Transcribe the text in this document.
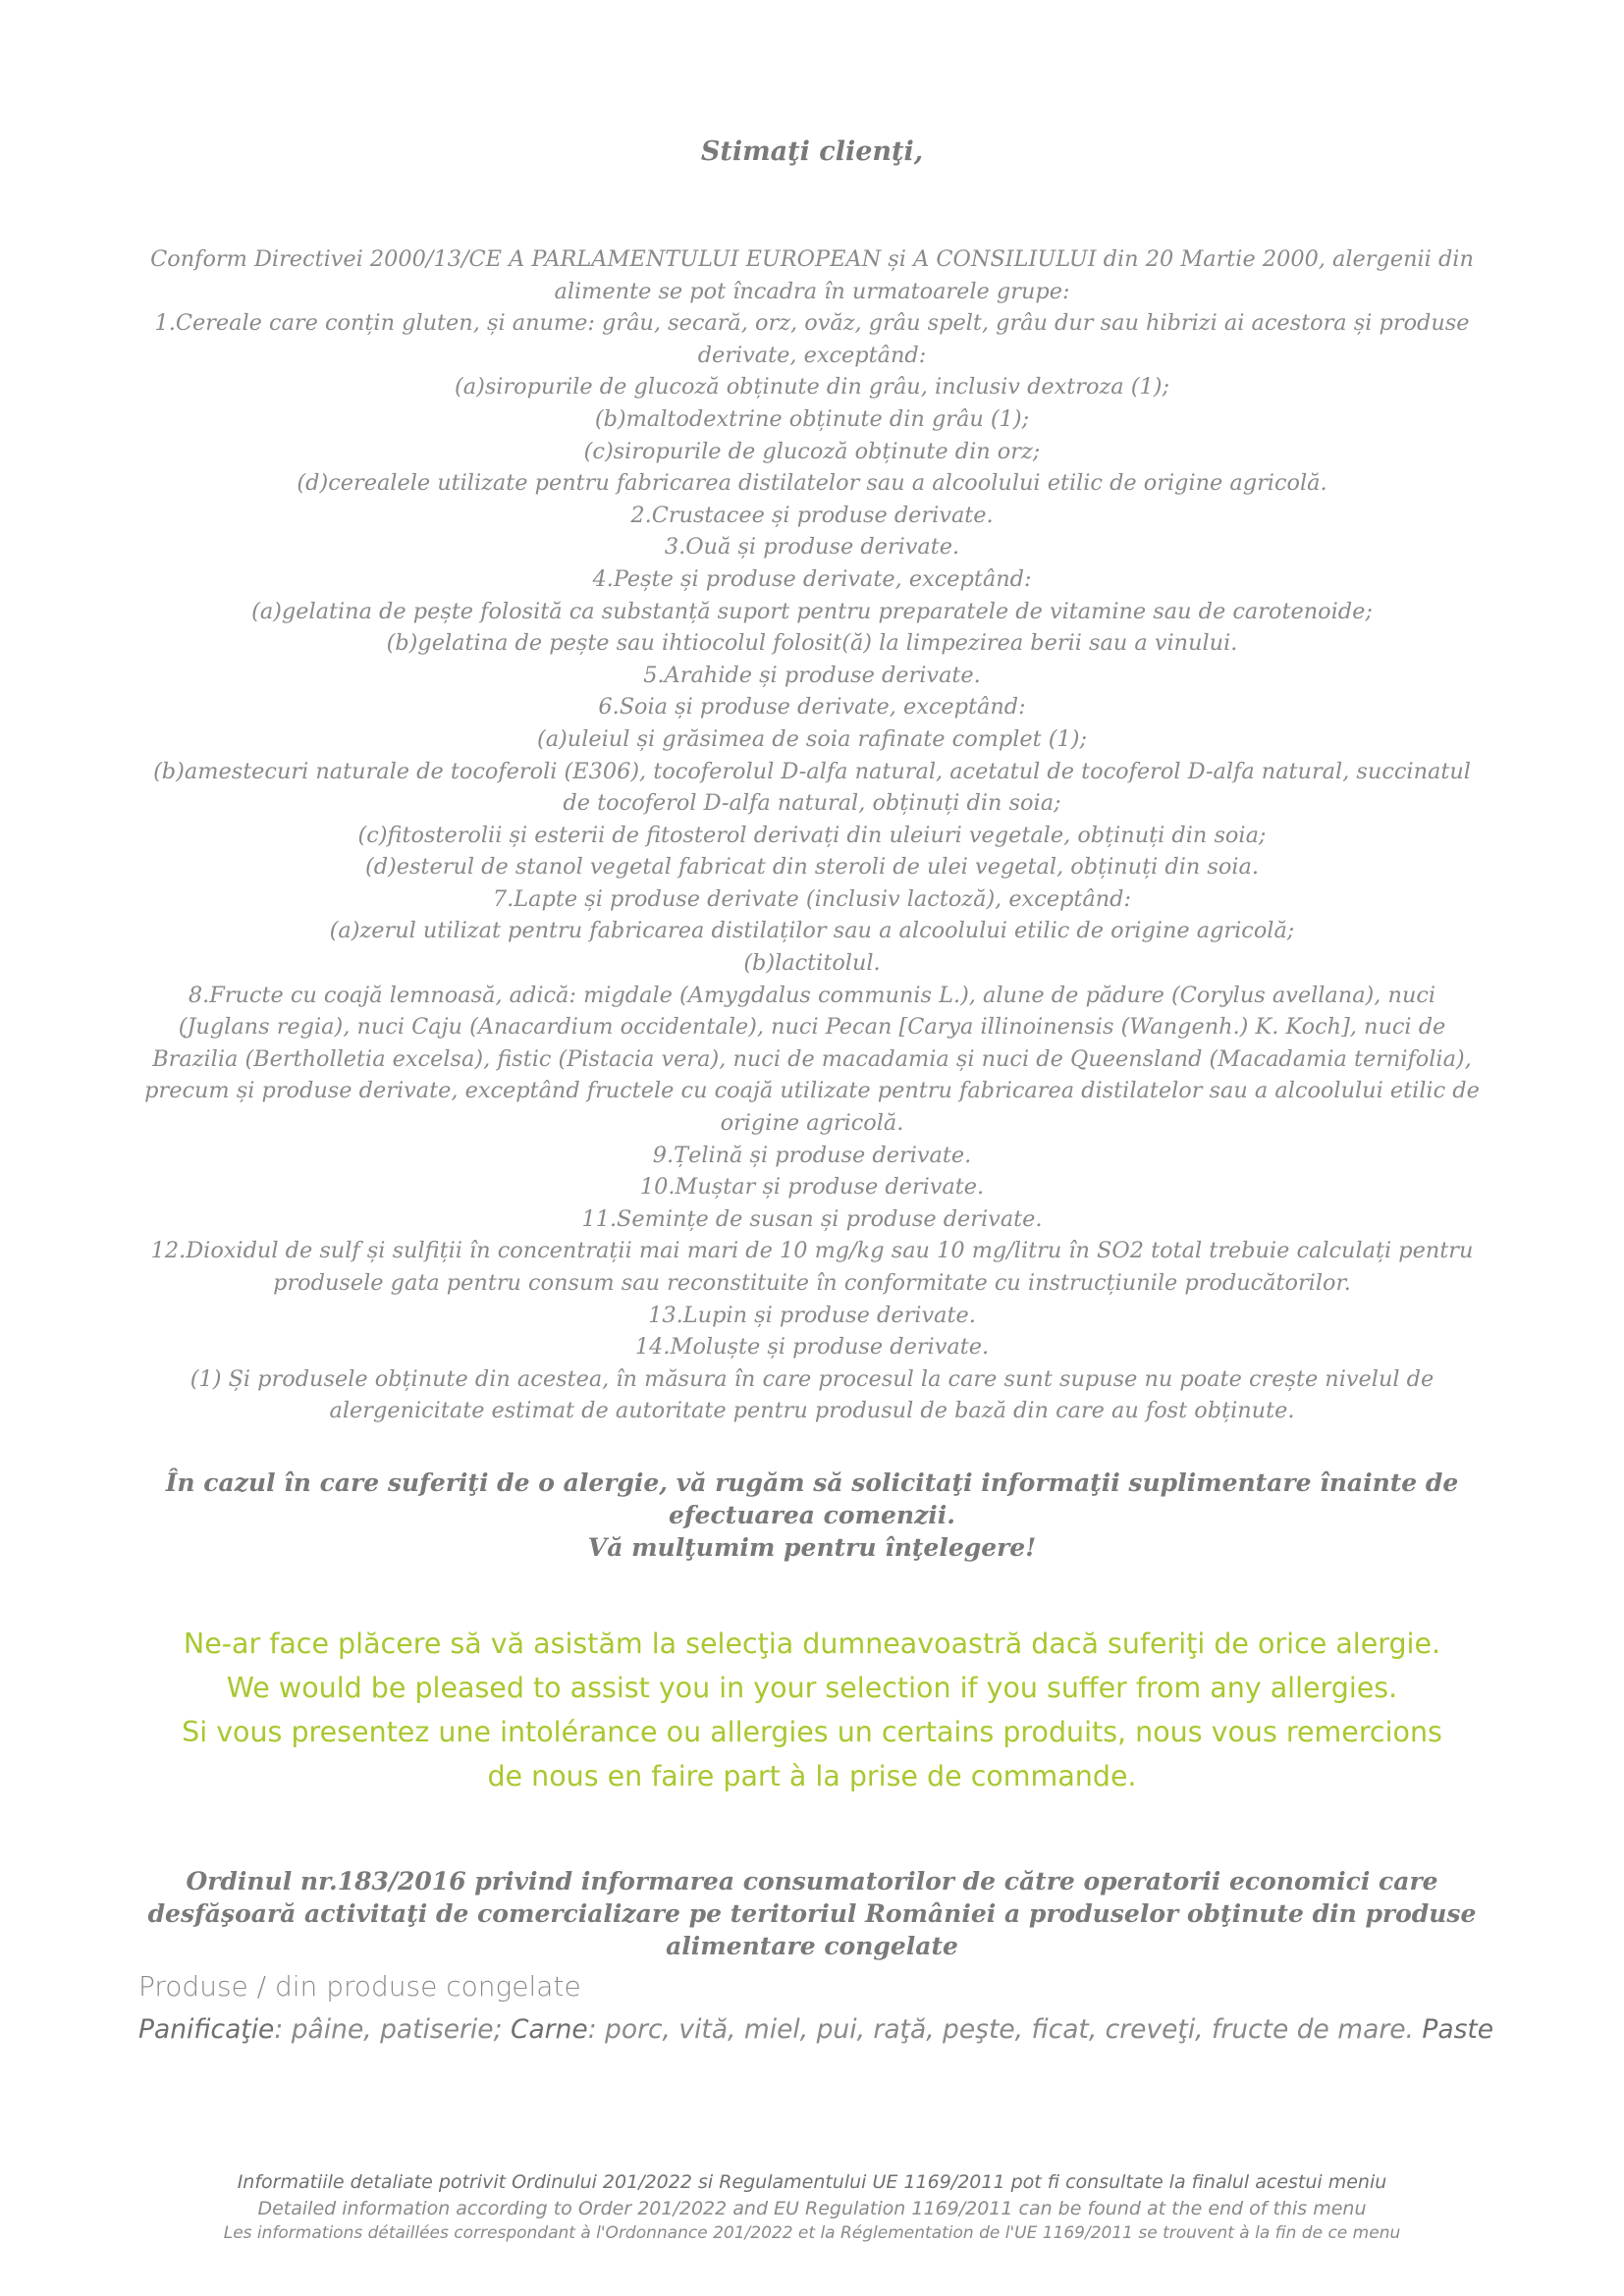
Stimaţi clienţi,
Conform Directivei 2000/13/CE A PARLAMENTULUI EUROPEAN și A CONSILIULUI din 20 Martie 2000, alergenii din
alimente se pot încadra în urmatoarele grupe:
1.Cereale care conțin gluten, și anume: grâu, secară, orz, ovăz, grâu spelt, grâu dur sau hibrizi ai acestora și produse
derivate, exceptând:
(a)siropurile de glucoză obținute din grâu, inclusiv dextroza (1);
(b)maltodextrine obținute din grâu (1);
(c)siropurile de glucoză obținute din orz;
(d)cerealele utilizate pentru fabricarea distilatelor sau a alcoolului etilic de origine agricolă.
2.Crustacee și produse derivate.
3.Ouă și produse derivate.
4.Pește și produse derivate, exceptând:
(a)gelatina de pește folosită ca substanță suport pentru preparatele de vitamine sau de carotenoide;
(b)gelatina de pește sau ihtiocolul folosit(ă) la limpezirea berii sau a vinului.
5.Arahide și produse derivate.
6.Soia și produse derivate, exceptând:
(a)uleiul și grăsimea de soia rafinate complet (1);
(b)amestecuri naturale de tocoferoli (E306), tocoferolul D-alfa natural, acetatul de tocoferol D-alfa natural, succinatul
de tocoferol D-alfa natural, obținuți din soia;
(c)fitosterolii și esterii de fitosterol derivați din uleiuri vegetale, obținuți din soia;
(d)esterul de stanol vegetal fabricat din steroli de ulei vegetal, obținuți din soia.
7.Lapte și produse derivate (inclusiv lactoză), exceptând:
(a)zerul utilizat pentru fabricarea distilaților sau a alcoolului etilic de origine agricolă;
(b)lactitolul.
8.Fructe cu coajă lemnoasă, adică: migdale (Amygdalus communis L.), alune de pădure (Corylus avellana), nuci
(Juglans regia), nuci Caju (Anacardium occidentale), nuci Pecan [Carya illinoinensis (Wangenh.) K. Koch], nuci de
Brazilia (Bertholletia excelsa), fistic (Pistacia vera), nuci de macadamia și nuci de Queensland (Macadamia ternifolia),
precum și produse derivate, exceptând fructele cu coajă utilizate pentru fabricarea distilatelor sau a alcoolului etilic de
origine agricolă.
9.Țelină și produse derivate.
10.Muștar și produse derivate.
11.Semințe de susan și produse derivate.
12.Dioxidul de sulf și sulfiții în concentrații mai mari de 10 mg/kg sau 10 mg/litru în SO2 total trebuie calculați pentru
produsele gata pentru consum sau reconstituite în conformitate cu instrucțiunile producătorilor.
13.Lupin și produse derivate.
14.Moluște și produse derivate.
(1) Și produsele obținute din acestea, în măsura în care procesul la care sunt supuse nu poate crește nivelul de
alergenicitate estimat de autoritate pentru produsul de bază din care au fost obținute.
În cazul în care suferiţi de o alergie, vă rugăm să solicitaţi informaţii suplimentare înainte de
efectuarea comenzii.
Vă mulţumim pentru înţelegere!
Ne-ar face plăcere să vă asistăm la selecţia dumneavoastră dacă suferiţi de orice alergie.
We would be pleased to assist you in your selection if you suffer from any allergies.
Si vous presentez une intolérance ou allergies un certains produits, nous vous remercions
de nous en faire part à la prise de commande.
Ordinul nr.183/2016 privind informarea consumatorilor de către operatorii economici care
desfăşoară activitaţi de comercializare pe teritoriul României a produselor obţinute din produse
alimentare congelate
Produse / din produse congelate
Panificaţie: pâine, patiserie; Carne: porc, vită, miel, pui, raţă, peşte, ficat, creveţi, fructe de mare. Paste
Informatiile detaliate potrivit Ordinului 201/2022 si Regulamentului UE 1169/2011 pot fi consultate la finalul acestui meniu
Detailed information according to Order 201/2022 and EU Regulation 1169/2011 can be found at the end of this menu
Les informations détaillées correspondant à l'Ordonnance 201/2022 et la Réglementation de l'UE 1169/2011 se trouvent à la fin de ce menu
